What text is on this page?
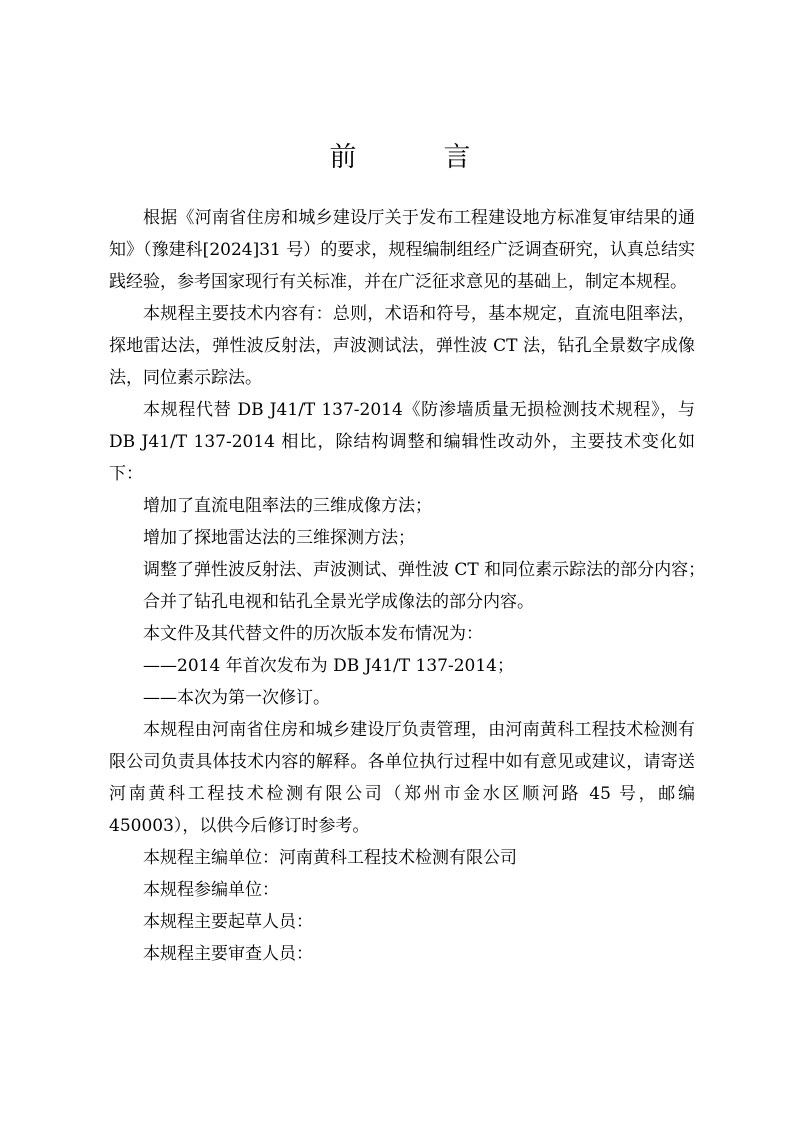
前　言
根据《河南省住房和城乡建设厅关于发布工程建设地方标准复审结果的通知》（豫建科[2024]31 号）的要求，规程编制组经广泛调查研究，认真总结实践经验，参考国家现行有关标准，并在广泛征求意见的基础上，制定本规程。
本规程主要技术内容有：总则，术语和符号，基本规定，直流电阻率法，探地雷达法，弹性波反射法，声波测试法，弹性波 CT 法，钻孔全景数字成像法，同位素示踪法。
本规程代替 DB J41/T 137-2014《防渗墙质量无损检测技术规程》，与 DB J41/T 137-2014 相比，除结构调整和编辑性改动外，主要技术变化如下：
增加了直流电阻率法的三维成像方法；
增加了探地雷达法的三维探测方法；
调整了弹性波反射法、声波测试、弹性波 CT 和同位素示踪法的部分内容；
合并了钻孔电视和钻孔全景光学成像法的部分内容。
本文件及其代替文件的历次版本发布情况为：
——2014 年首次发布为 DB J41/T 137-2014；
——本次为第一次修订。
本规程由河南省住房和城乡建设厅负责管理，由河南黄科工程技术检测有限公司负责具体技术内容的解释。各单位执行过程中如有意见或建议，请寄送河南黄科工程技术检测有限公司（郑州市金水区顺河路 45 号，邮编 450003），以供今后修订时参考。
本规程主编单位：河南黄科工程技术检测有限公司
本规程参编单位：
本规程主要起草人员：
本规程主要审查人员：
